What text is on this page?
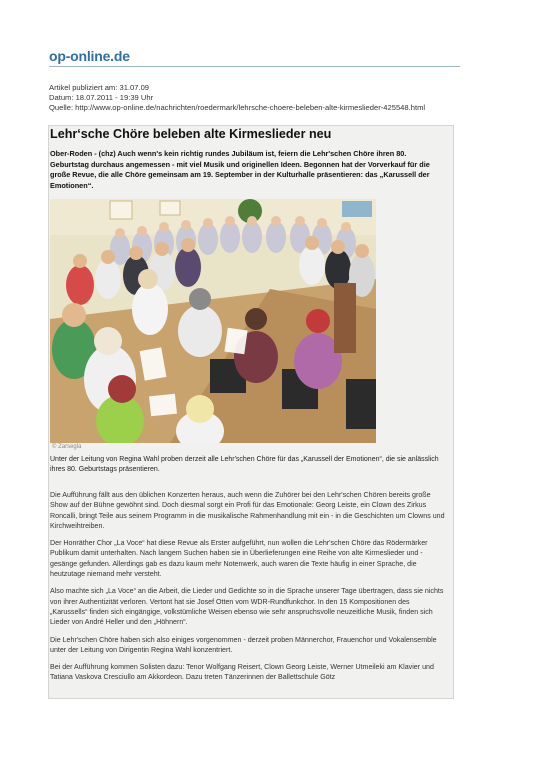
op-online.de
Artikel publiziert am: 31.07.09
Datum: 18.07.2011 - 19:39 Uhr
Quelle: http://www.op-online.de/nachrichten/roedermark/lehrsche-choere-beleben-alte-kirmeslieder-425548.html
Lehr‘sche Chöre beleben alte Kirmeslieder neu
Ober-Roden - (chz) Auch wenn's kein richtig rundes Jubiläum ist, feiern die Lehr'schen Chöre ihren 80. Geburtstag durchaus angemessen - mit viel Musik und originellen Ideen. Begonnen hat der Vorverkauf für die große Revue, die alle Chöre gemeinsam am 19. September in der Kulturhalle präsentieren: das „Karussell der Emotionen“.
© Zarsegla
Unter der Leitung von Regina Wahl proben derzeit alle Lehr'schen Chöre für das „Karussell der Emotionen“, die sie anlässlich ihres 80. Geburtstags präsentieren.

Die Aufführung fällt aus den üblichen Konzerten heraus, auch wenn die Zuhörer bei den Lehr'schen Chören bereits große Show auf der Bühne gewöhnt sind. Doch diesmal sorgt ein Profi für das Emotionale: Georg Leiste, ein Clown des Zirkus Roncalli, bringt Teile aus seinem Programm in die musikalische Rahmenhandlung mit ein - in die Geschichten um Clowns und Kirchweihtreiben.

Der Honräther Chor „La Voce“ hat diese Revue als Erster aufgeführt, nun wollen die Lehr'schen Chöre das Rödermärker Publikum damit unterhalten. Nach langem Suchen haben sie in Überlieferungen eine Reihe von alte Kirmeslieder und -gesänge gefunden. Allerdings gab es dazu kaum mehr Notenwerk, auch waren die Texte häufig in einer Sprache, die heutzutage niemand mehr versteht.

Also machte sich „La Voce“ an die Arbeit, die Lieder und Gedichte so in die Sprache unserer Tage übertragen, dass sie nichts von ihrer Authentizität verloren. Vertont hat sie Josef Otten vom WDR-Rundfunkchor. In den 15 Kompositionen des „Karussells“ finden sich eingängige, volkstümliche Weisen ebenso wie sehr anspruchsvolle neuzeitliche Musik, finden sich Lieder von André Heller und den „Höhnern“.

Die Lehr'schen Chöre haben sich also einiges vorgenommen - derzeit proben Männerchor, Frauenchor und Vokalensemble unter der Leitung von Dirigentin Regina Wahl konzentriert.

Bei der Aufführung kommen Solisten dazu: Tenor Wolfgang Reisert, Clown Georg Leiste, Werner Utmeileki am Klavier und Tatiana Vaskova Cresciullo am Akkordeon. Dazu treten Tänzerinnen der Ballettschule Götz
